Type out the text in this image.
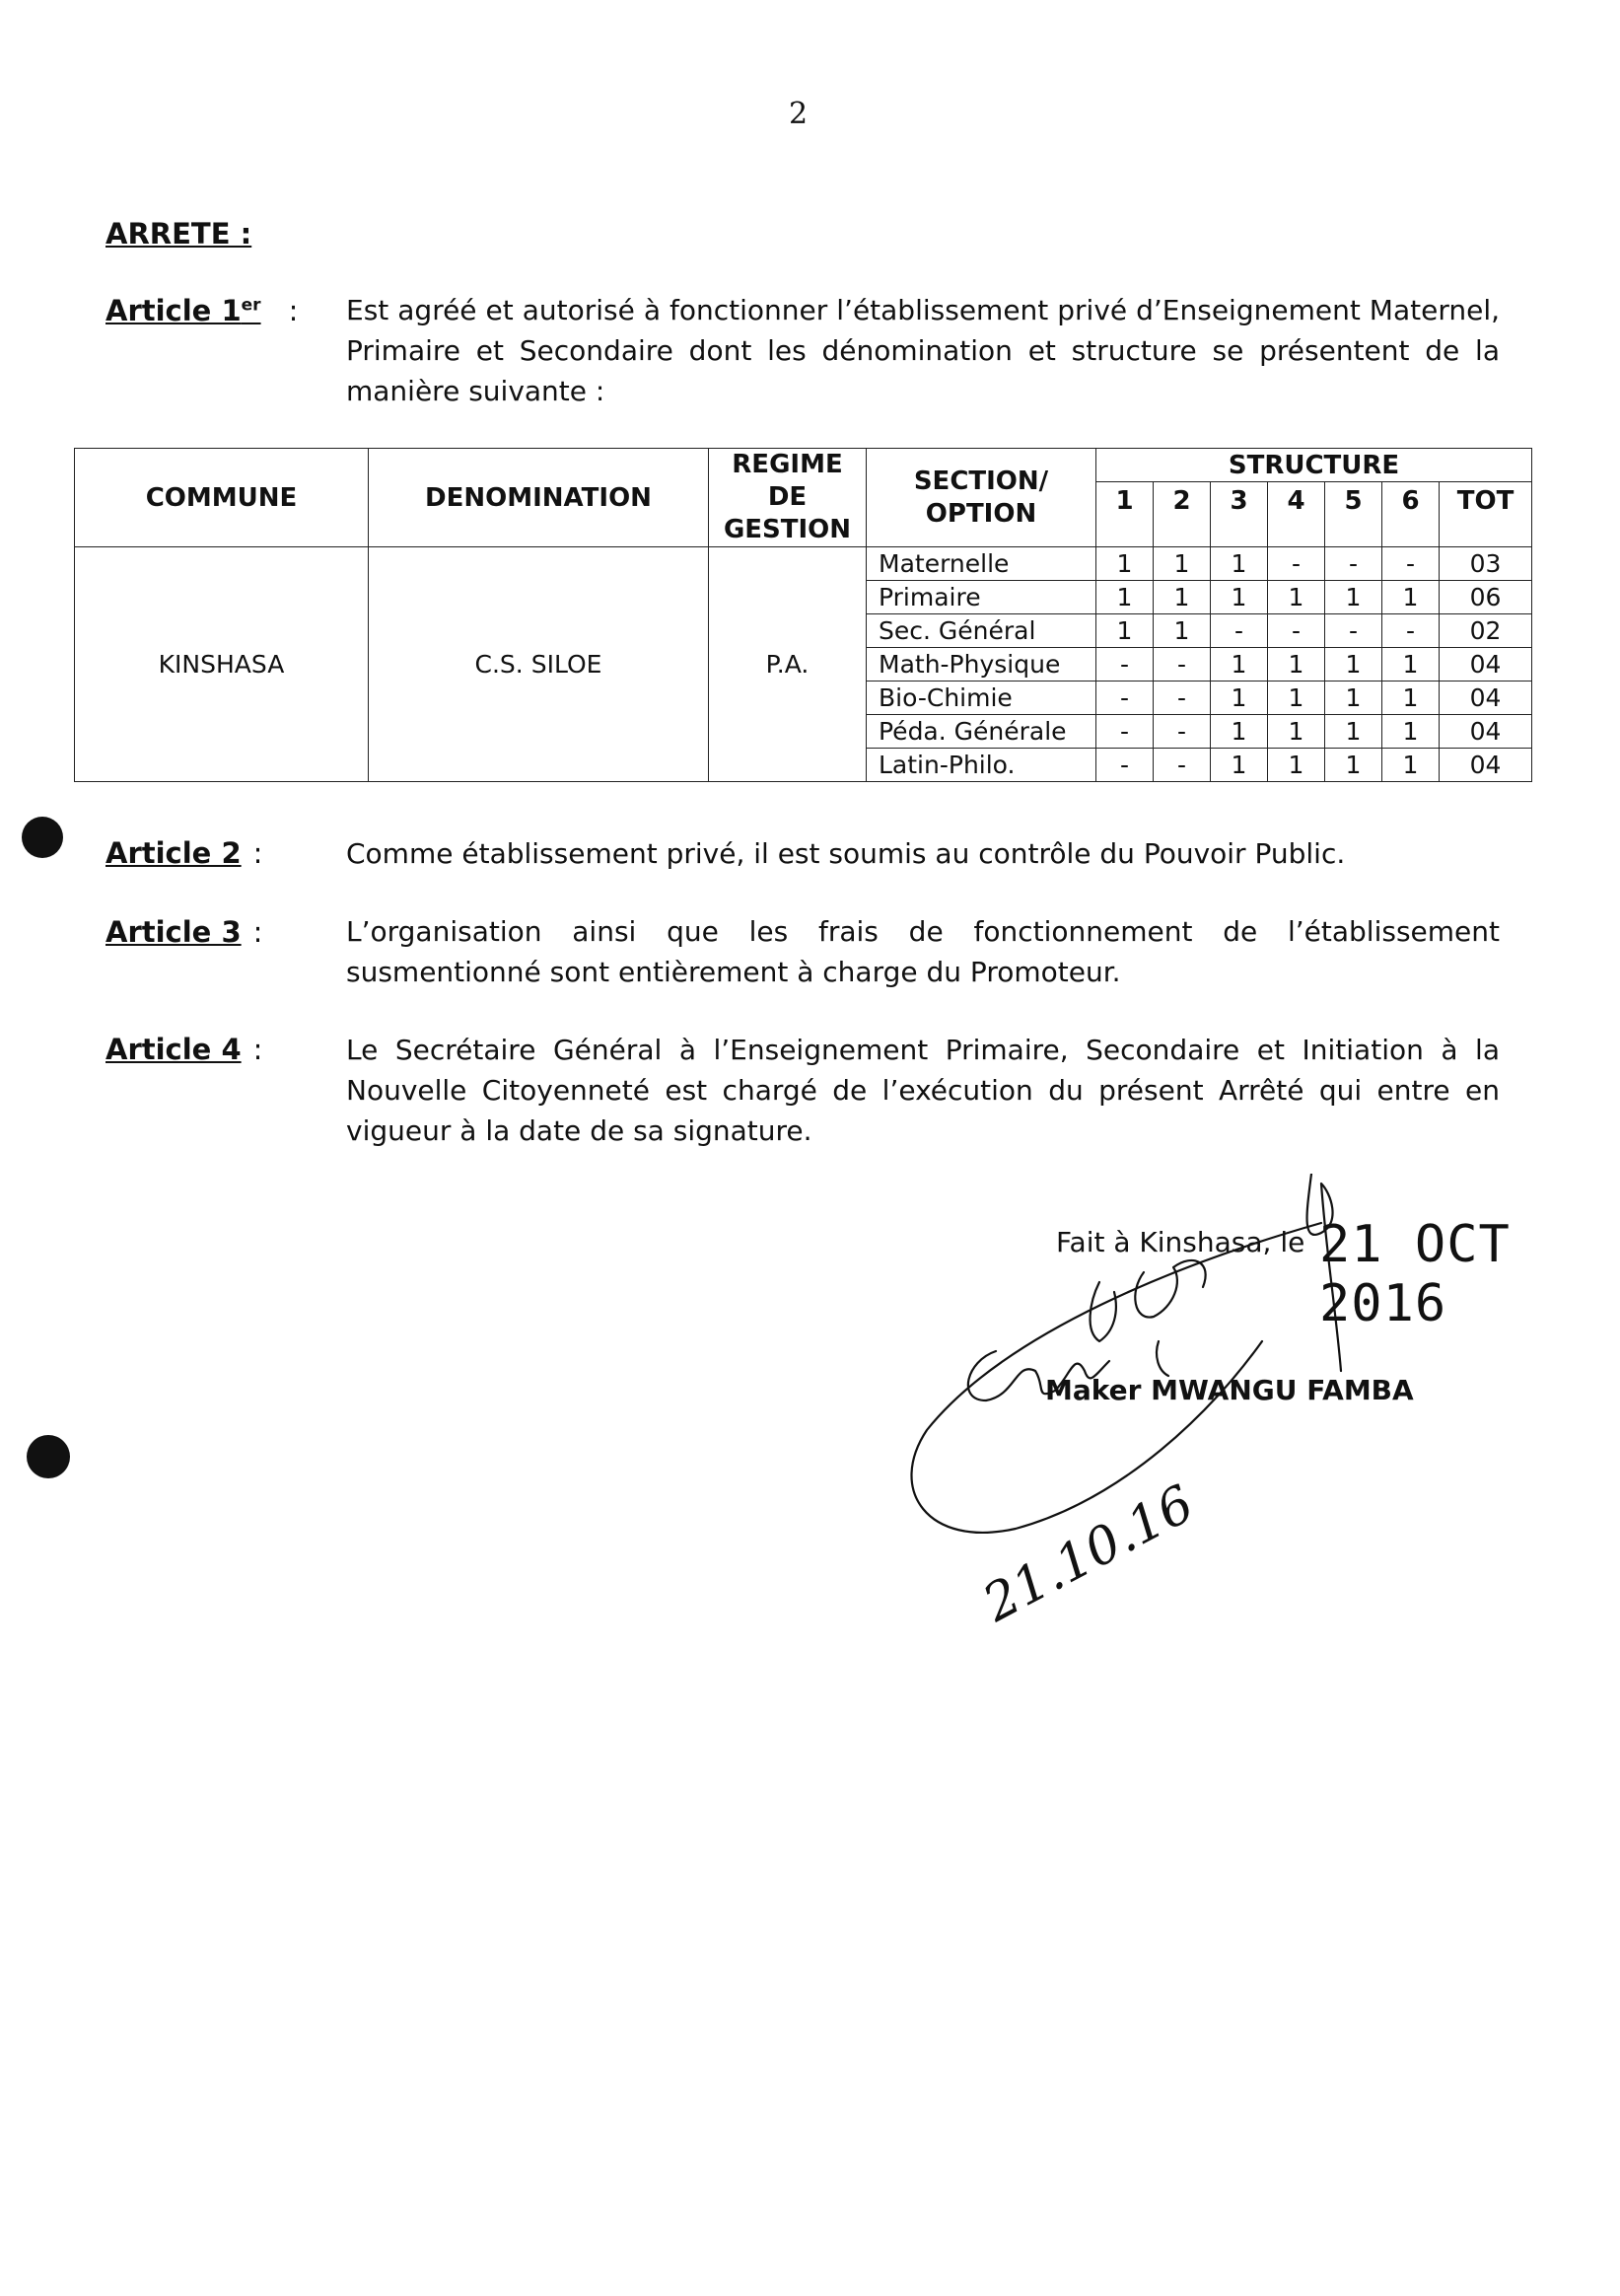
2
ARRETE :
Article 1er : Est agréé et autorisé à fonctionner l’établissement privé d’Enseignement Maternel, Primaire et Secondaire dont les dénomination et structure se présentent de la manière suivante :
COMMUNE	DENOMINATION	REGIME DE GESTION	SECTION/ OPTION	STRUCTURE						
				1	2	3	4	5	6	TOT
KINSHASA	C.S. SILOE	P.A.	Maternelle	1	1	1	-	-	-	03
			Primaire	1	1	1	1	1	1	06
			Sec. Général	1	1	-	-	-	-	02
			Math-Physique	-	-	1	1	1	1	04
			Bio-Chimie	-	-	1	1	1	1	04
			Péda. Générale	-	-	1	1	1	1	04
			Latin-Philo.	-	-	1	1	1	1	04
Article 2 :	Comme établissement privé, il est soumis au contrôle du Pouvoir Public.
Article 3 :	L’organisation ainsi que les frais de fonctionnement de l’établissement susmentionné sont entièrement à charge du Promoteur.
Article 4 :	Le Secrétaire Général à l’Enseignement Primaire, Secondaire et Initiation à la Nouvelle Citoyenneté est chargé de l’exécution du présent Arrêté qui entre en vigueur à la date de sa signature.
Fait à Kinshasa, le 21 OCT 2016
Maker MWANGU FAMBA
21.10.16
